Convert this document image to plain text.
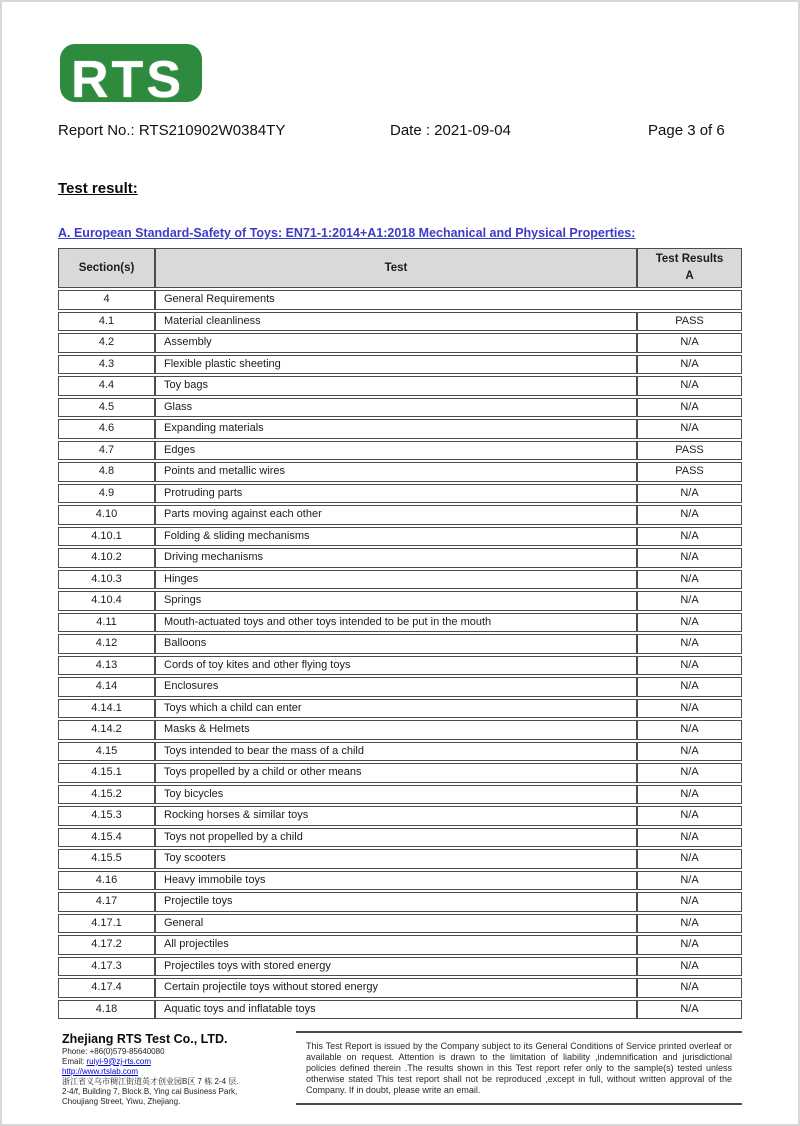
RTS
Report No.: RTS210902W0384TY	Date : 2021-09-04	Page 3 of 6
Test result:
A. European Standard-Safety of Toys: EN71-1:2014+A1:2018 Mechanical and Physical Properties:
Section(s)	Test	Test Results
A

4	General Requirements	
4.1	Material cleanliness	PASS
4.2	Assembly	N/A
4.3	Flexible plastic sheeting	N/A
4.4	Toy bags	N/A
4.5	Glass	N/A
4.6	Expanding materials	N/A
4.7	Edges	PASS
4.8	Points and metallic wires	PASS
4.9	Protruding parts	N/A
4.10	Parts moving against each other	N/A
4.10.1	Folding & sliding mechanisms	N/A
4.10.2	Driving mechanisms	N/A
4.10.3	Hinges	N/A
4.10.4	Springs	N/A
4.11	Mouth-actuated toys and other toys intended to be put in the mouth	N/A
4.12	Balloons	N/A
4.13	Cords of toy kites and other flying toys	N/A
4.14	Enclosures	N/A
4.14.1	Toys which a child can enter	N/A
4.14.2	Masks & Helmets	N/A
4.15	Toys intended to bear the mass of a child	N/A
4.15.1	Toys propelled by a child or other means	N/A
4.15.2	Toy bicycles	N/A
4.15.3	Rocking horses & similar toys	N/A
4.15.4	Toys not propelled by a child	N/A
4.15.5	Toy scooters	N/A
4.16	Heavy immobile toys	N/A
4.17	Projectile toys	N/A
4.17.1	General	N/A
4.17.2	All projectiles	N/A
4.17.3	Projectiles toys with stored energy	N/A
4.17.4	Certain projectile toys without stored energy	N/A
4.18	Aquatic toys and inflatable toys	N/A
Zhejiang RTS Test Co., LTD.
Phone: +86(0)579-85640080
Email: ruiyi-9@zj-rts.com
http://www.rtslab.com
浙江省义乌市稠江街道英才创业园B区 7 栋 2-4 层.
2-4/f, Building 7, Block B, Ying cai Business Park,
Choujiang Street, Yiwu, Zhejiang.

This Test Report is issued by the Company subject to its General Conditions of Service printed overleaf or available on request. Attention is drawn to the limitation of liability ,indemnification and jurisdictional policies defined therein .The results shown in this Test report refer only to the sample(s) tested unless otherwise stated This test report shall not be reproduced ,except in full, without written approval of the Company. If in doubt, please write an email.
